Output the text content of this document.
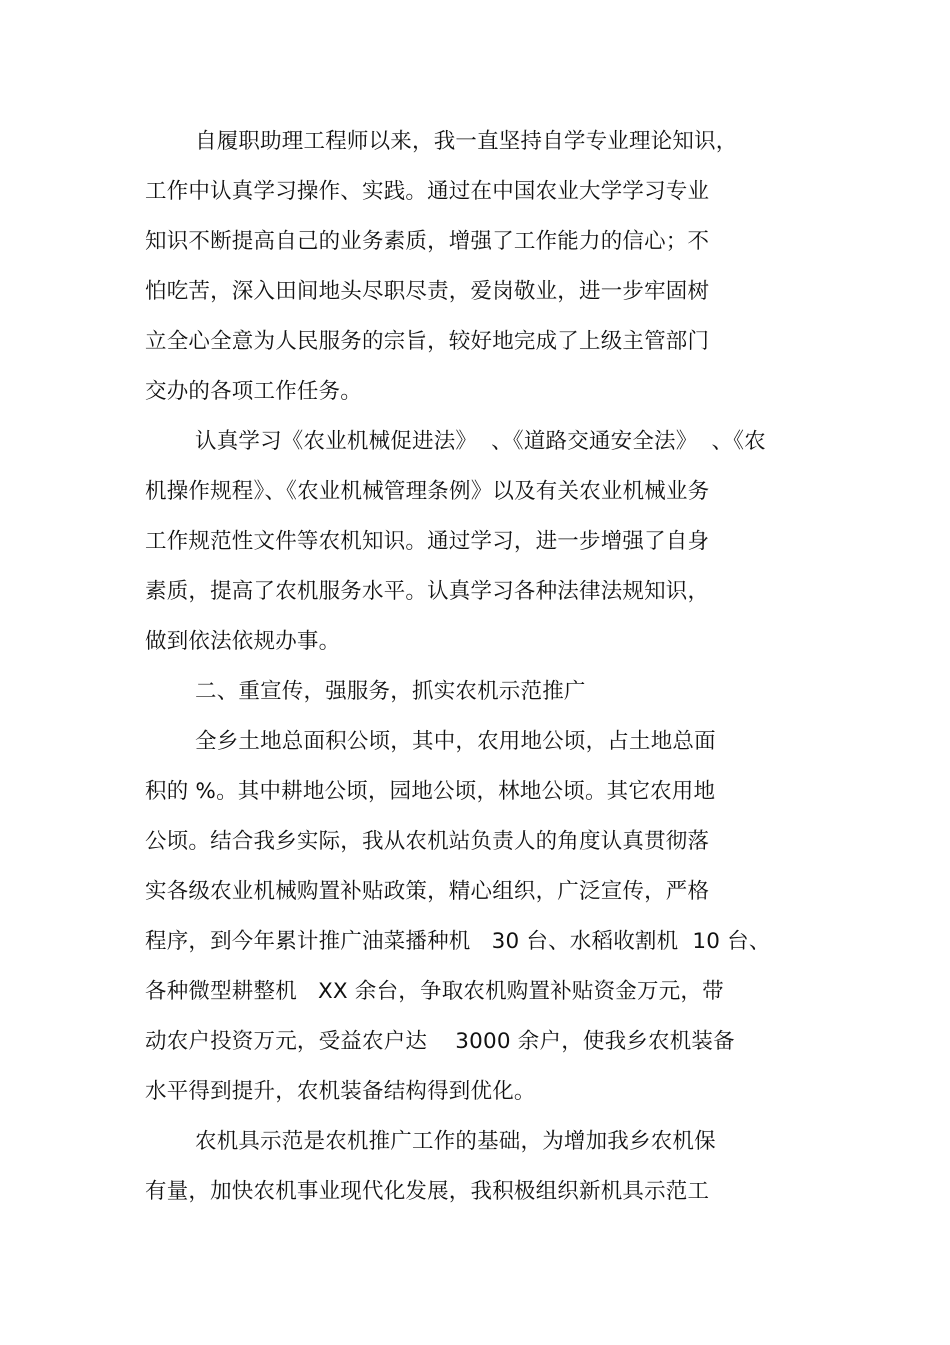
自履职助理工程师以来，我一直坚持自学专业理论知识，
工作中认真学习操作、实践。通过在中国农业大学学习专业
知识不断提高自己的业务素质，增强了工作能力的信心；不
怕吃苦，深入田间地头尽职尽责，爱岗敬业，进一步牢固树
立全心全意为人民服务的宗旨，较好地完成了上级主管部门
交办的各项工作任务。
认真学习《农业机械促进法》  、《道路交通安全法》  、《农
机操作规程》、《农业机械管理条例》以及有关农业机械业务
工作规范性文件等农机知识。通过学习，进一步增强了自身
素质，提高了农机服务水平。认真学习各种法律法规知识，
做到依法依规办事。
二、重宣传，强服务，抓实农机示范推广
全乡土地总面积公顷，其中，农用地公顷，占土地总面
积的 %。其中耕地公顷，园地公顷，林地公顷。其它农用地
公顷。结合我乡实际，我从农机站负责人的角度认真贯彻落
实各级农业机械购置补贴政策，精心组织，广泛宣传，严格
程序，到今年累计推广油菜播种机   30 台、水稻收割机  10 台、
各种微型耕整机   XX 余台，争取农机购置补贴资金万元，带
动农户投资万元，受益农户达    3000 余户，使我乡农机装备
水平得到提升，农机装备结构得到优化。
农机具示范是农机推广工作的基础，为增加我乡农机保
有量，加快农机事业现代化发展，我积极组织新机具示范工
